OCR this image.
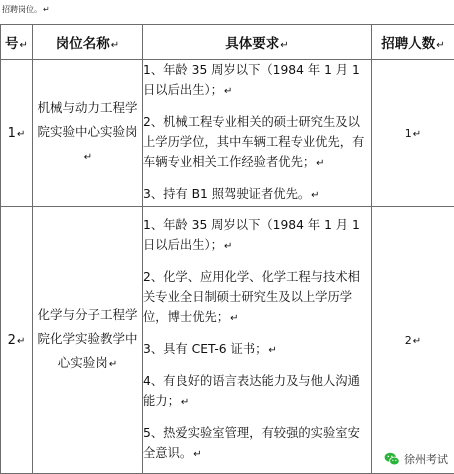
招聘岗位。↵
号↵	岗位名称↵	具体要求↵	招聘人数↵
1↵	机械与动力工程学院实验中心实验岗↵	1、年龄 35 周岁以下（1984 年 1 月 1 日以后出生）；↵

2、机械工程专业相关的硕士研究生及以上学历学位，其中车辆工程专业优先，有车辆专业相关工作经验者优先；↵

3、持有 B1 照驾驶证者优先。↵	1↵
2↵	化学与分子工程学院化学实验教学中心实验岗↵	1、年龄 35 周岁以下（1984 年 1 月 1 日以后出生）；↵

2、化学、应用化学、化学工程与技术相关专业全日制硕士研究生及以上学历学位，博士优先；↵

3、具有 CET-6 证书；↵

4、有良好的语言表达能力及与他人沟通能力；↵

5、热爱实验室管理，有较强的实验室安全意识。↵	2↵
徐州考试
